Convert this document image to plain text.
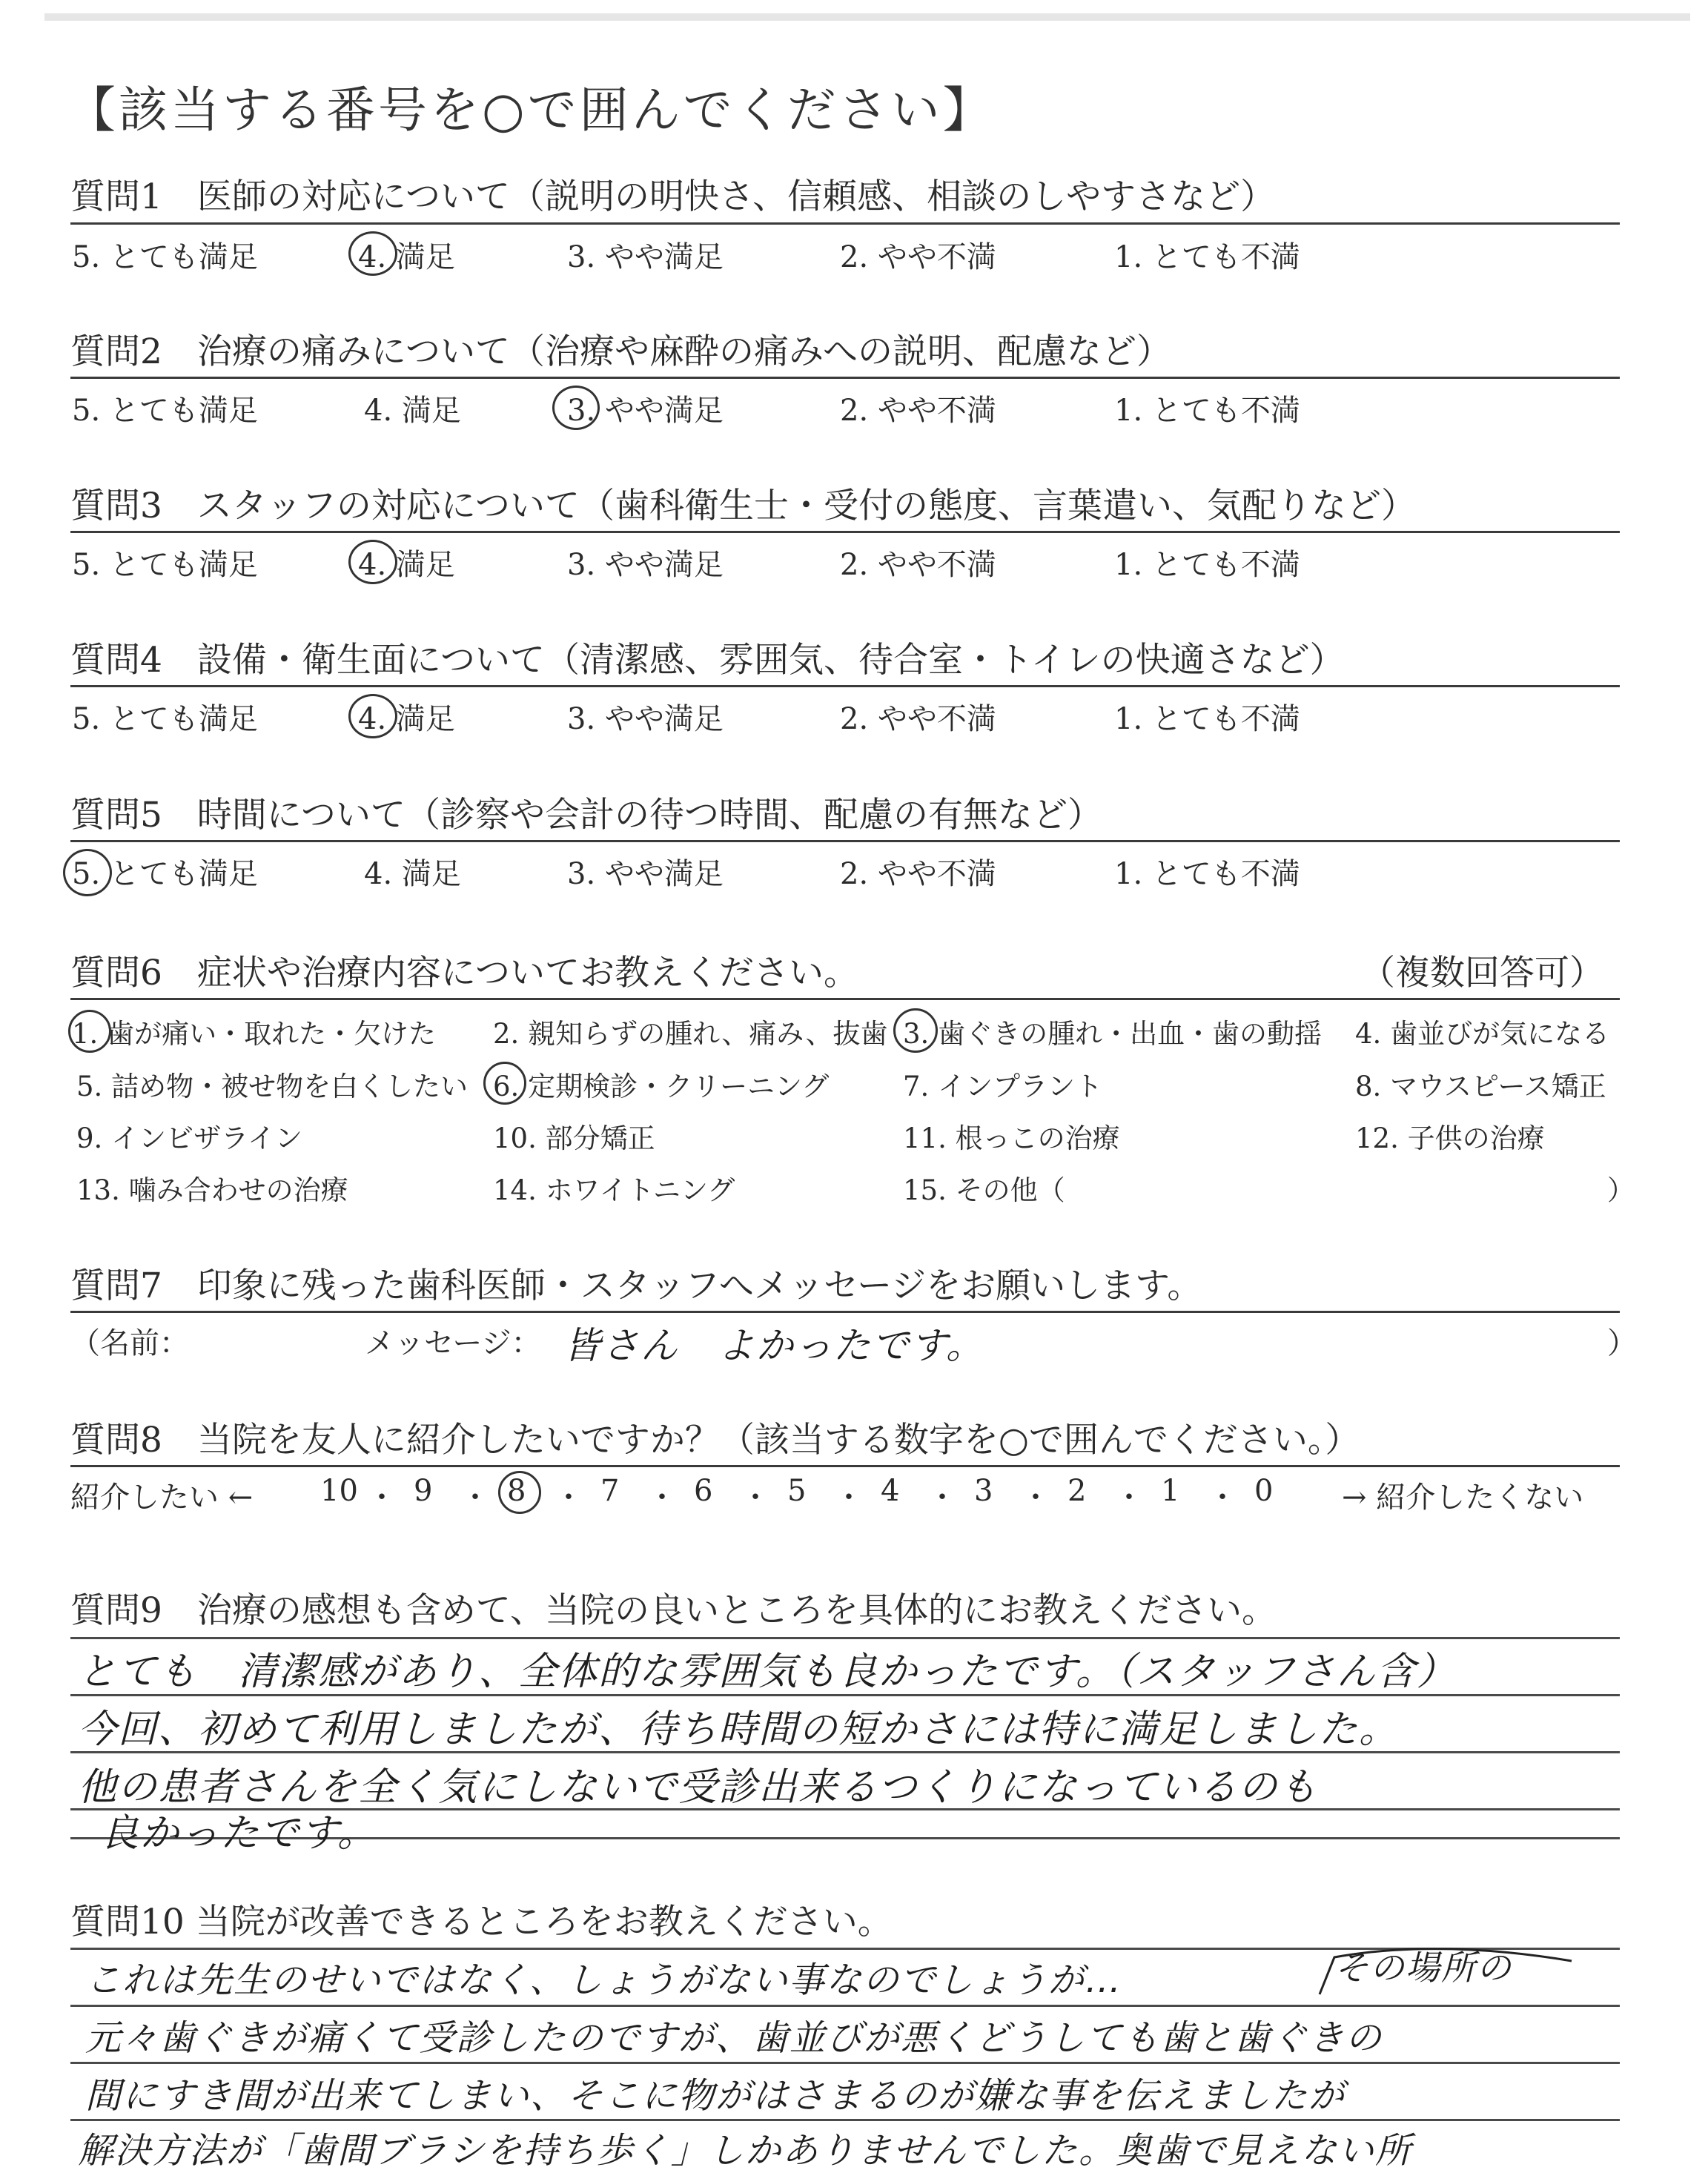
【該当する番号を○で囲んでください】
質問1　医師の対応について（説明の明快さ、信頼感、相談のしやすさなど）
5. とても満足	4. 満足	3. やや満足	2. やや不満	1. とても不満
質問2　治療の痛みについて（治療や麻酔の痛みへの説明、配慮など）
5. とても満足	4. 満足	3. やや満足	2. やや不満	1. とても不満
質問3　スタッフの対応について（歯科衛生士・受付の態度、言葉遣い、気配りなど）
5. とても満足	4. 満足	3. やや満足	2. やや不満	1. とても不満
質問4　設備・衛生面について（清潔感、雰囲気、待合室・トイレの快適さなど）
5. とても満足	4. 満足	3. やや満足	2. やや不満	1. とても不満
質問5　時間について（診察や会計の待つ時間、配慮の有無など）
5. とても満足	4. 満足	3. やや満足	2. やや不満	1. とても不満
質問6　症状や治療内容についてお教えください。	（複数回答可）
1. 歯が痛い・取れた・欠けた 2. 親知らずの腫れ、痛み、抜歯 3. 歯ぐきの腫れ・出血・歯の動揺 4. 歯並びが気になる
5. 詰め物・被せ物を白くしたい 6. 定期検診・クリーニング	7. インプラント	8. マウスピース矯正
9. インビザライン	10. 部分矯正	11. 根っこの治療	12. 子供の治療
13. 噛み合わせの治療	14. ホワイトニング	15. その他（	）
質問7　印象に残った歯科医師・スタッフへメッセージをお願いします。
（名前：	メッセージ： 皆さん　よかったです。	）
質問8　当院を友人に紹介したいですか？（該当する数字を○で囲んでください。）
紹介したい ←	→ 紹介したくない
10 ・ 9 ・ 8 ・ 7 ・ 6 ・ 5 ・ 4 ・ 3 ・ 2 ・ 1 ・ 0
質問9　治療の感想も含めて、当院の良いところを具体的にお教えください。
とても　清潔感があり、全体的な雰囲気も良かったです。（スタッフさん含）
今回、初めて利用しましたが、待ち時間の短かさには特に満足しました。
他の患者さんを全く気にしないで受診出来るつくりになっているのも
良かったです。
質問10 当院が改善できるところをお教えください。
その場所の
これは先生のせいではなく、しょうがない事なのでしょうが…
元々歯ぐきが痛くて受診したのですが、歯並びが悪くどうしても歯と歯ぐきの
間にすき間が出来てしまい、そこに物がはさまるのが嫌な事を伝えましたが
解決方法が「歯間ブラシを持ち歩く」しかありませんでした。奥歯で見えない所
